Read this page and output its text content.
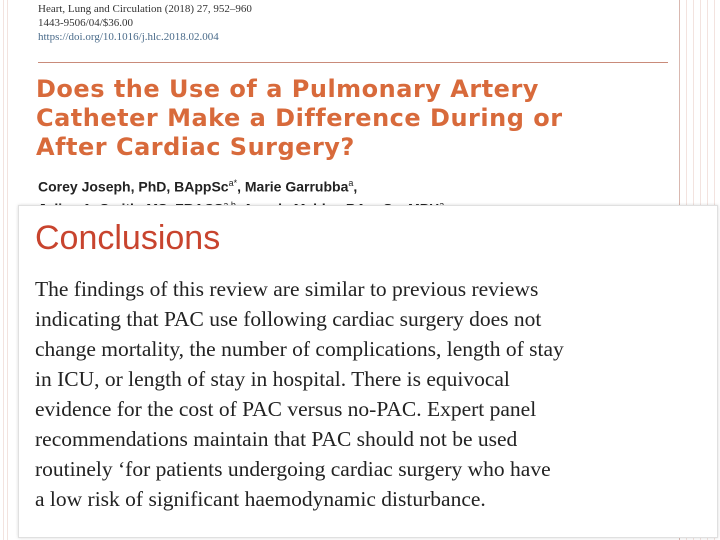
Heart, Lung and Circulation (2018) 27, 952–960
1443-9506/04/$36.00
https://doi.org/10.1016/j.hlc.2018.02.004
Does the Use of a Pulmonary Artery
Catheter Make a Difference During or
After Cardiac Surgery?
Corey Joseph, PhD, BAppSc$^{a*}$, Marie Garrubba$^a$,
Conclusions
The findings of this review are similar to previous reviews
indicating that PAC use following cardiac surgery does not
change mortality, the number of complications, length of stay
in ICU, or length of stay in hospital. There is equivocal
evidence for the cost of PAC versus no-PAC. Expert panel
recommendations maintain that PAC should not be used
routinely ‘for patients undergoing cardiac surgery who have
a low risk of significant haemodynamic disturbance.
